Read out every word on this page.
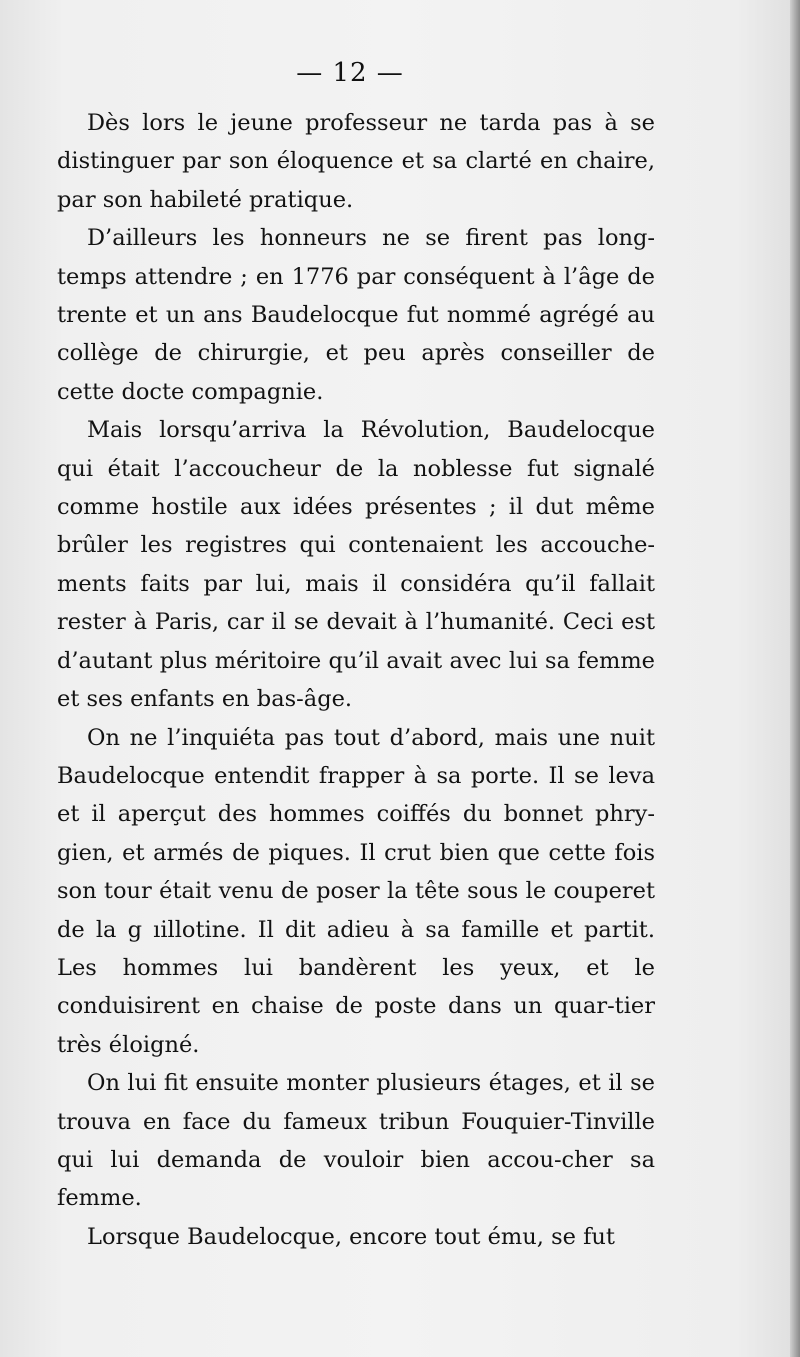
— 12 —

Dès lors le jeune professeur ne tarda pas à se distinguer par son éloquence et sa clarté en chaire, par son habileté pratique.

D’ailleurs les honneurs ne se firent pas long-temps attendre ; en 1776 par conséquent à l’âge de trente et un ans Baudelocque fut nommé agrégé au collège de chirurgie, et peu après conseiller de cette docte compagnie.

Mais lorsqu’arriva la Révolution, Baudelocque qui était l’accoucheur de la noblesse fut signalé comme hostile aux idées présentes ; il dut même brûler les registres qui contenaient les accouche-ments faits par lui, mais il considéra qu’il fallait rester à Paris, car il se devait à l’humanité. Ceci est d’autant plus méritoire qu’il avait avec lui sa femme et ses enfants en bas-âge.

On ne l’inquiéta pas tout d’abord, mais une nuit Baudelocque entendit frapper à sa porte. Il se leva et il aperçut des hommes coiffés du bonnet phry-gien, et armés de piques. Il crut bien que cette fois son tour était venu de poser la tête sous le couperet de la g ıillotine. Il dit adieu à sa famille et partit. Les hommes lui bandèrent les yeux, et le conduisirent en chaise de poste dans un quar-tier très éloigné.

On lui fit ensuite monter plusieurs étages, et il se trouva en face du fameux tribun Fouquier-Tinville qui lui demanda de vouloir bien accou-cher sa femme.

Lorsque Baudelocque, encore tout ému, se fut
